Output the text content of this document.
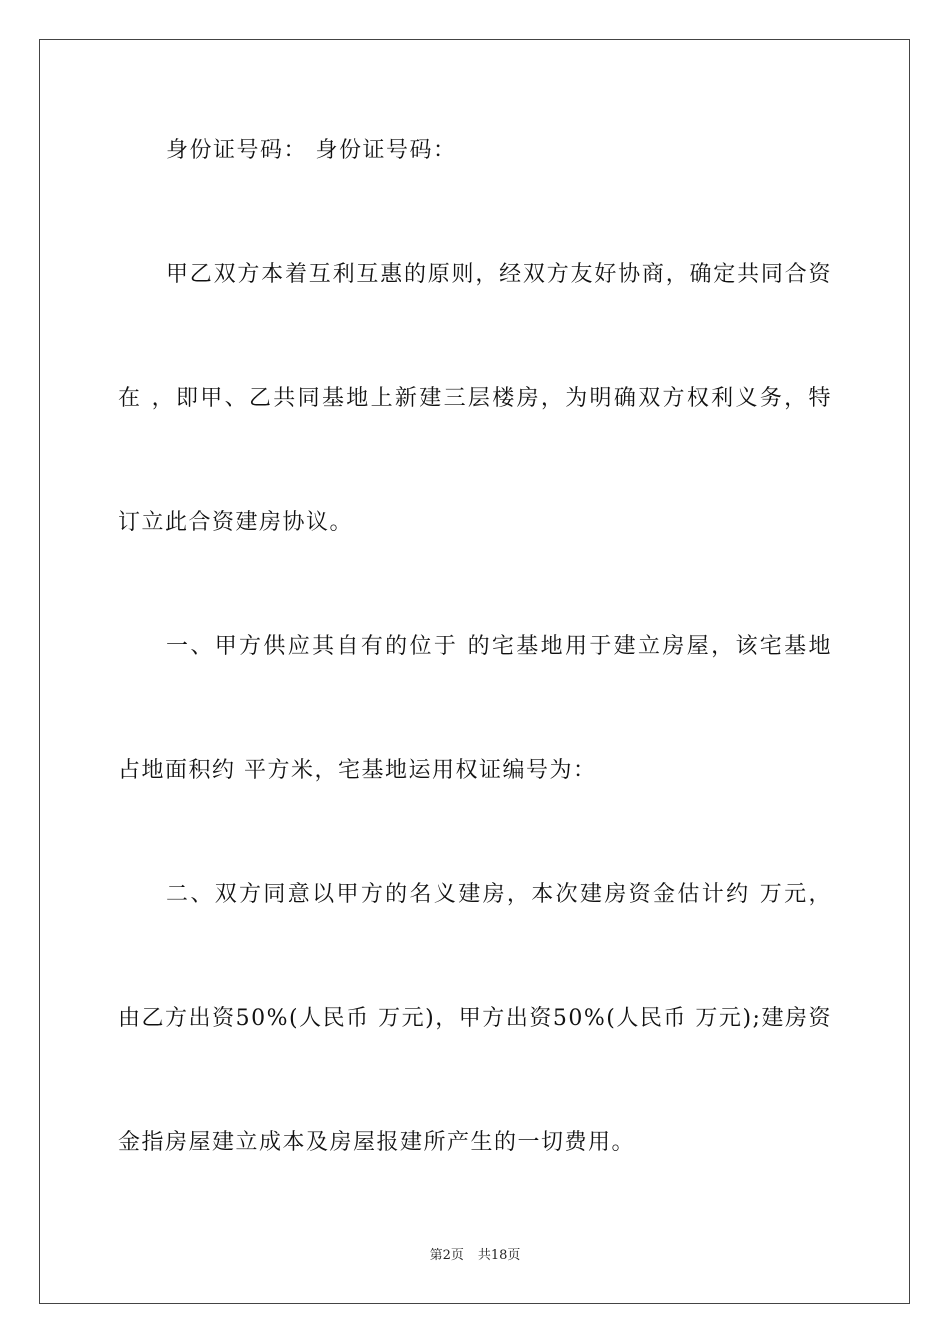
身份证号码： 身份证号码：
甲乙双方本着互利互惠的原则，经双方友好协商，确定共同合资
在 ，即甲、乙共同基地上新建三层楼房，为明确双方权利义务，特
订立此合资建房协议。
一、甲方供应其自有的位于 的宅基地用于建立房屋，该宅基地
占地面积约 平方米，宅基地运用权证编号为：
二、双方同意以甲方的名义建房，本次建房资金估计约 万元，
由乙方出资50%(人民币 万元)，甲方出资50%(人民币 万元);建房资
金指房屋建立成本及房屋报建所产生的一切费用。
第2页 共18页
